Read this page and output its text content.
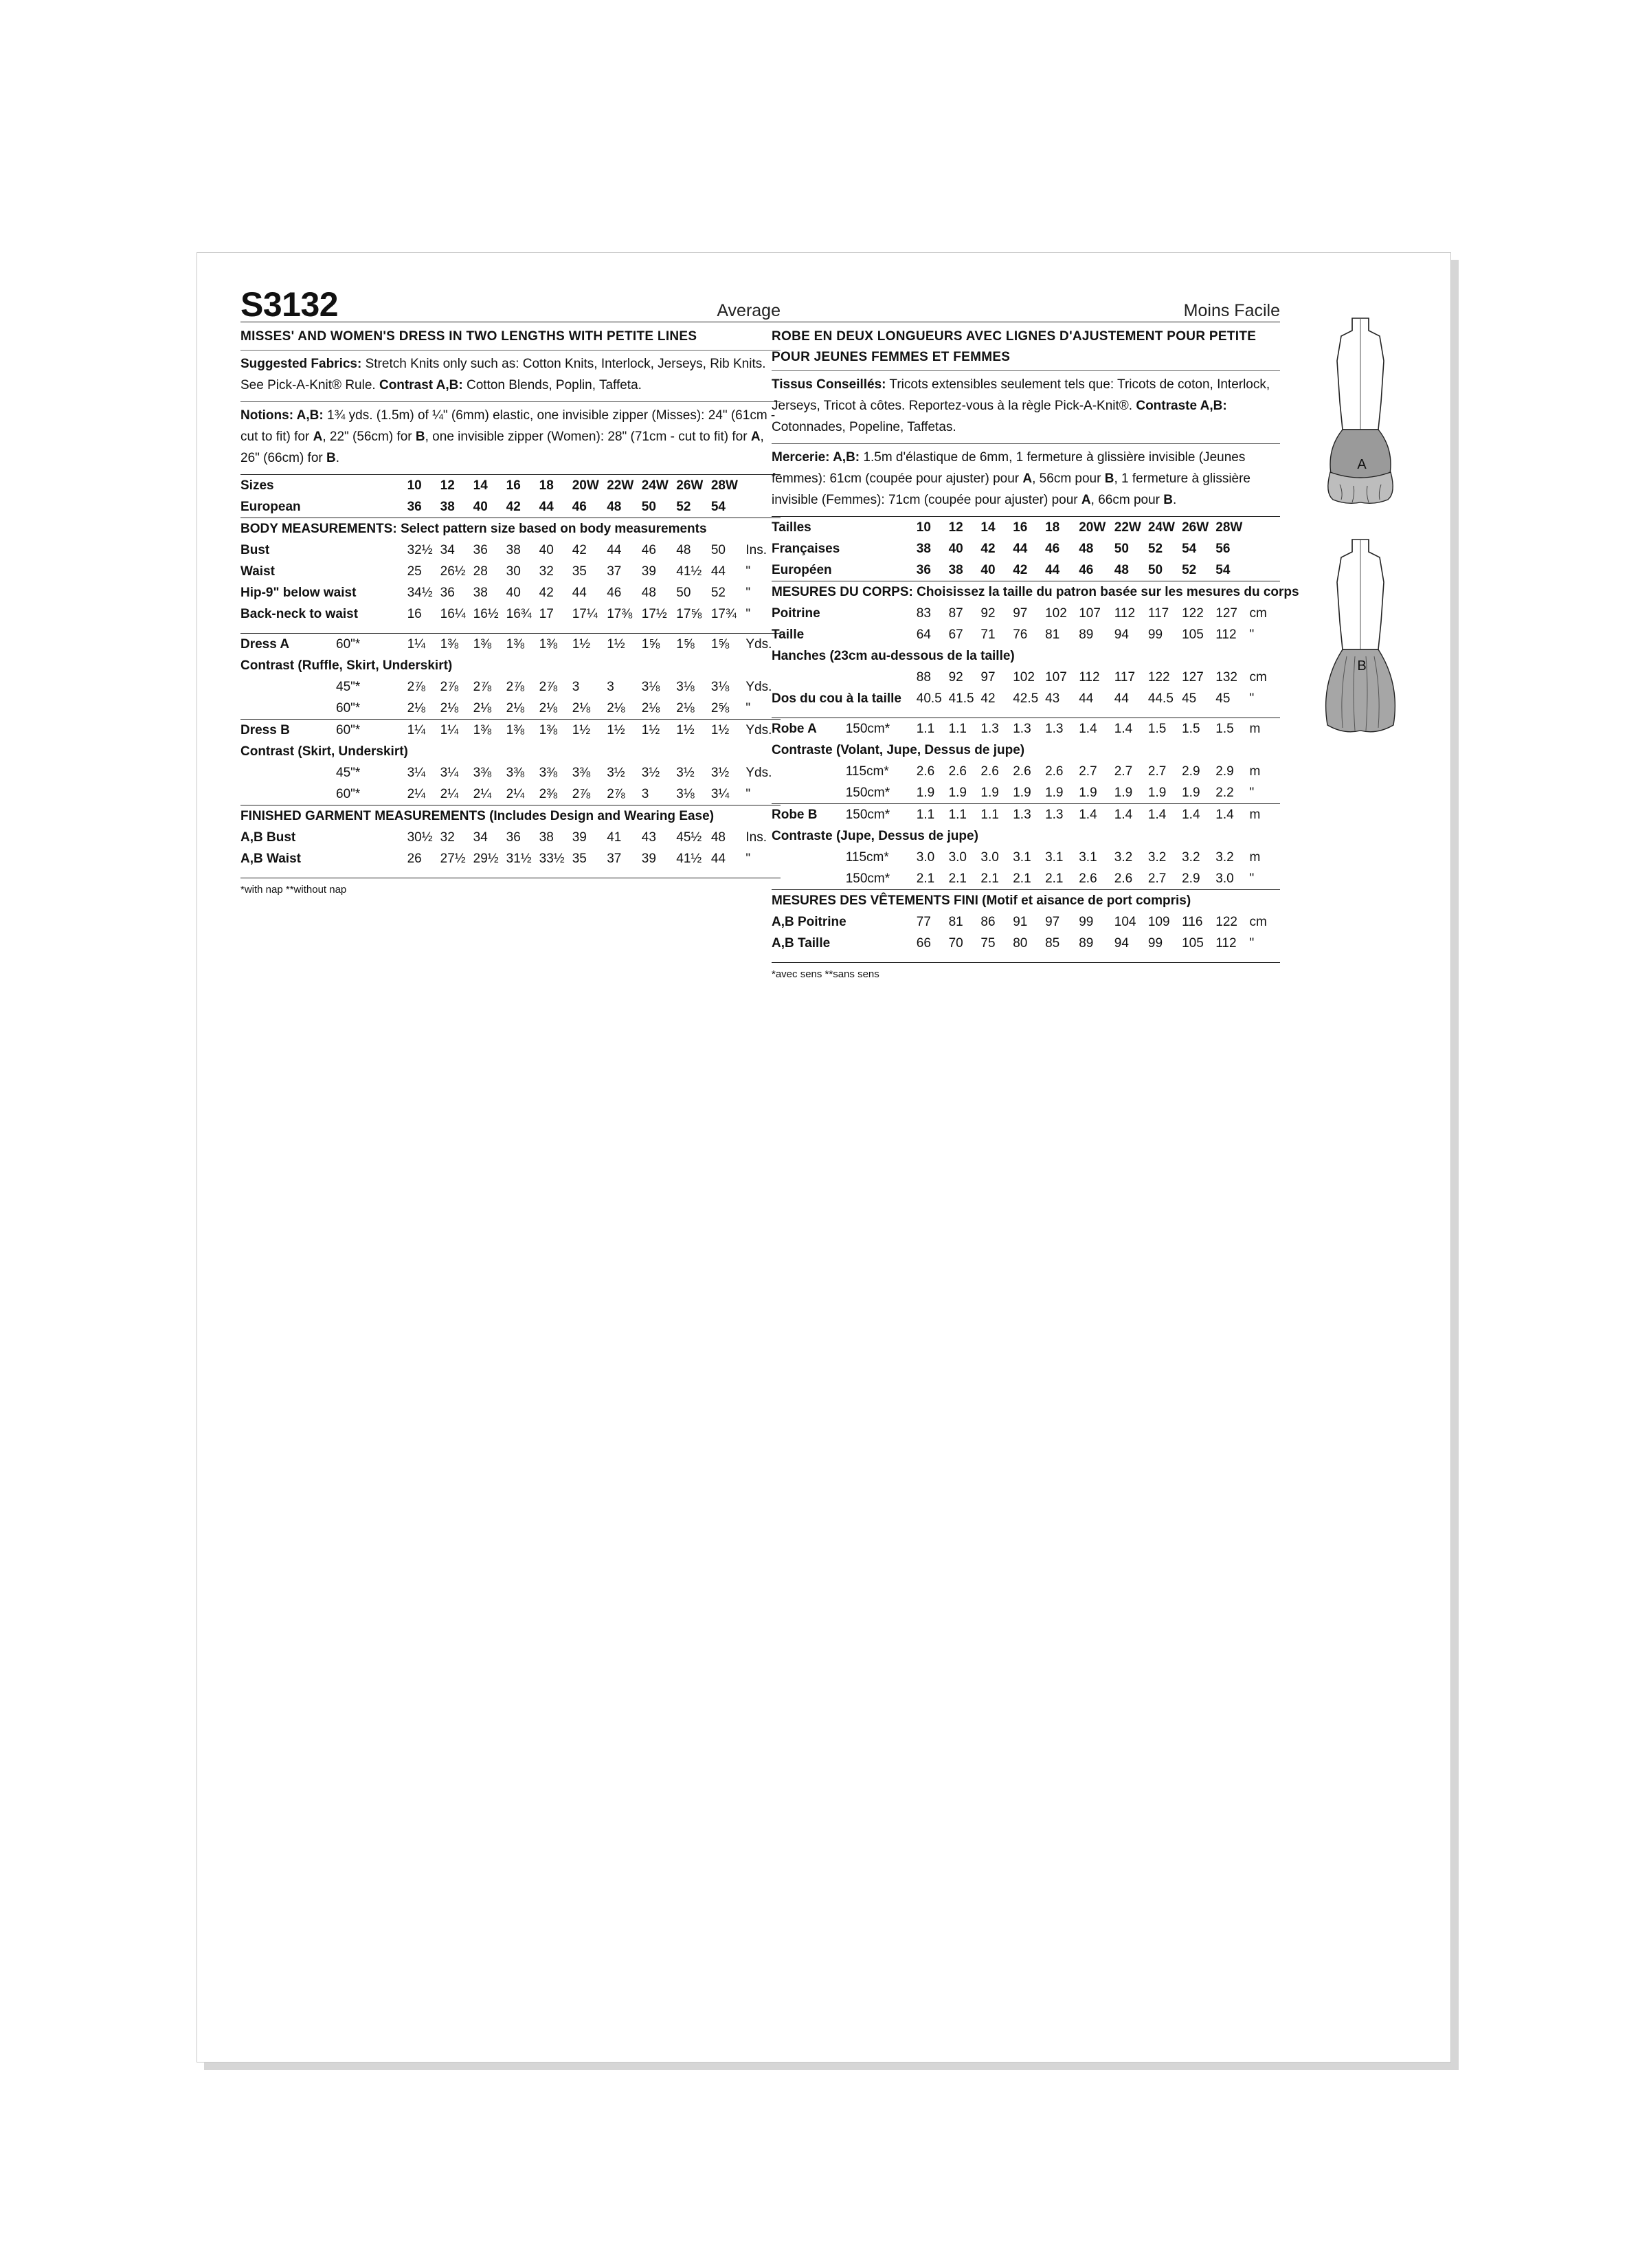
S3132	Average
MISSES' AND WOMEN'S DRESS IN TWO LENGTHS WITH PETITE LINES
Suggested Fabrics: Stretch Knits only such as: Cotton Knits, Interlock, Jerseys, Rib Knits. See Pick-A-Knit® Rule. Contrast A,B: Cotton Blends, Poplin, Taffeta.
Notions: A,B: 1¾ yds. (1.5m) of ¼" (6mm) elastic, one invisible zipper (Misses): 24" (61cm - cut to fit) for A, 22" (56cm) for B, one invisible zipper (Women): 28" (71cm - cut to fit) for A, 26" (66cm) for B.
Sizes		10	12	14	16	18	20W	22W	24W	26W	28W	
European		36	38	40	42	44	46	48	50	52	54	
BODY MEASUREMENTS: Select pattern size based on body measurements												
Bust		32½	34	36	38	40	42	44	46	48	50	Ins.
Waist		25	26½	28	30	32	35	37	39	41½	44	"
Hip-9" below waist		34½	36	38	40	42	44	46	48	50	52	"
Back-neck to waist		16	16¼	16½	16¾	17	17¼	17⅜	17½	17⅝	17¾	"

Dress A	60"*	1¼	1⅜	1⅜	1⅜	1⅜	1½	1½	1⅝	1⅝	1⅝	Yds.
Contrast (Ruffle, Skirt, Underskirt)												
	45"*	2⅞	2⅞	2⅞	2⅞	2⅞	3	3	3⅛	3⅛	3⅛	Yds.
	60"*	2⅛	2⅛	2⅛	2⅛	2⅛	2⅛	2⅛	2⅛	2⅛	2⅝	"
Dress B	60"*	1¼	1¼	1⅜	1⅜	1⅜	1½	1½	1½	1½	1½	Yds.
Contrast (Skirt, Underskirt)												
	45"*	3¼	3¼	3⅜	3⅜	3⅜	3⅜	3½	3½	3½	3½	Yds.
	60"*	2¼	2¼	2¼	2¼	2⅜	2⅞	2⅞	3	3⅛	3¼	"
FINISHED GARMENT MEASUREMENTS (Includes Design and Wearing Ease)												
A,B Bust		30½	32	34	36	38	39	41	43	45½	48	Ins.
A,B Waist		26	27½	29½	31½	33½	35	37	39	41½	44	"
*with nap **without nap
Moins Facile
ROBE EN DEUX LONGUEURS AVEC LIGNES D'AJUSTEMENT POUR PETITE POUR JEUNES FEMMES ET FEMMES
Tissus Conseillés: Tricots extensibles seulement tels que: Tricots de coton, Interlock, Jerseys, Tricot à côtes. Reportez-vous à la règle Pick-A-Knit®. Contraste A,B: Cotonnades, Popeline, Taffetas.
Mercerie: A,B: 1.5m d'élastique de 6mm, 1 fermeture à glissière invisible (Jeunes femmes): 61cm (coupée pour ajuster) pour A, 56cm pour B, 1 fermeture à glissière invisible (Femmes): 71cm (coupée pour ajuster) pour A, 66cm pour B.
Tailles		10	12	14	16	18	20W	22W	24W	26W	28W	
Françaises		38	40	42	44	46	48	50	52	54	56	
Européen		36	38	40	42	44	46	48	50	52	54	
MESURES DU CORPS: Choisissez la taille du patron basée sur les mesures du corps												
Poitrine		83	87	92	97	102	107	112	117	122	127	cm
Taille		64	67	71	76	81	89	94	99	105	112	"
Hanches (23cm au-dessous de la taille)												
		88	92	97	102	107	112	117	122	127	132	cm
Dos du cou à la taille		40.5	41.5	42	42.5	43	44	44	44.5	45	45	"

Robe A	150cm*	1.1	1.1	1.3	1.3	1.3	1.4	1.4	1.5	1.5	1.5	m
Contraste (Volant, Jupe, Dessus de jupe)												
	115cm*	2.6	2.6	2.6	2.6	2.6	2.7	2.7	2.7	2.9	2.9	m
	150cm*	1.9	1.9	1.9	1.9	1.9	1.9	1.9	1.9	1.9	2.2	"
Robe B	150cm*	1.1	1.1	1.1	1.3	1.3	1.4	1.4	1.4	1.4	1.4	m
Contraste (Jupe, Dessus de jupe)												
	115cm*	3.0	3.0	3.0	3.1	3.1	3.1	3.2	3.2	3.2	3.2	m
	150cm*	2.1	2.1	2.1	2.1	2.1	2.6	2.6	2.7	2.9	3.0	"
MESURES DES VÊTEMENTS FINI (Motif et aisance de port compris)												
A,B Poitrine		77	81	86	91	97	99	104	109	116	122	cm
A,B Taille		66	70	75	80	85	89	94	99	105	112	"
*avec sens **sans sens
A
B
